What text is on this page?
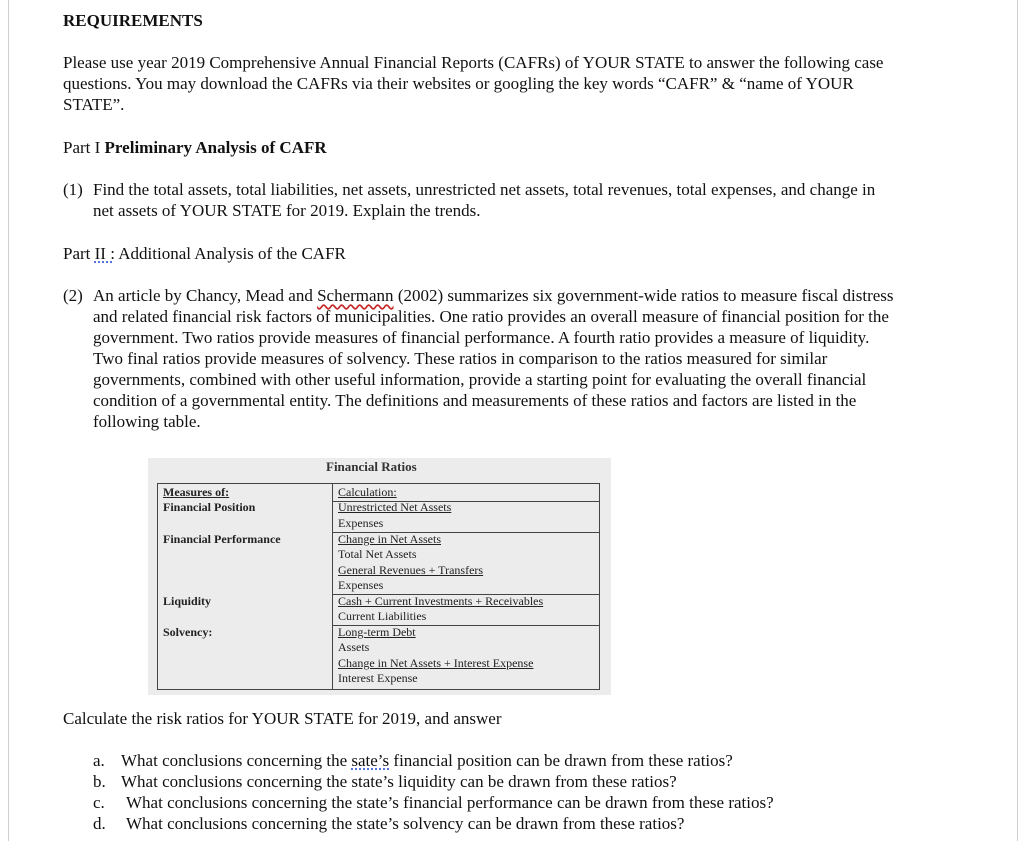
REQUIREMENTS
Please use year 2019 Comprehensive Annual Financial Reports (CAFRs) of YOUR STATE to answer the following case
questions. You may download the CAFRs via their websites or googling the key words “CAFR” & “name of YOUR
STATE”.
Part I Preliminary Analysis of CAFR
(1) Find the total assets, total liabilities, net assets, unrestricted net assets, total revenues, total expenses, and change in
net assets of YOUR STATE for 2019. Explain the trends.
Part II : Additional Analysis of the CAFR
(2) An article by Chancy, Mead and Schermann (2002) summarizes six government-wide ratios to measure fiscal distress
and related financial risk factors of municipalities. One ratio provides an overall measure of financial position for the
government. Two ratios provide measures of financial performance. A fourth ratio provides a measure of liquidity.
Two final ratios provide measures of solvency. These ratios in comparison to the ratios measured for similar
governments, combined with other useful information, provide a starting point for evaluating the overall financial
condition of a governmental entity. The definitions and measurements of these ratios and factors are listed in the
following table.
Financial Ratios
Measures of:
Financial Position
Financial Performance
Liquidity
Solvency:
Calculation:
Unrestricted Net Assets
Expenses
Change in Net Assets
Total Net Assets
General Revenues + Transfers
Expenses
Cash + Current Investments + Receivables
Current Liabilities
Long-term Debt
Assets
Change in Net Assets + Interest Expense
Interest Expense
Calculate the risk ratios for YOUR STATE for 2019, and answer
a. What conclusions concerning the sate’s financial position can be drawn from these ratios?
b. What conclusions concerning the state’s liquidity can be drawn from these ratios?
c. What conclusions concerning the state’s financial performance can be drawn from these ratios?
d. What conclusions concerning the state’s solvency can be drawn from these ratios?
